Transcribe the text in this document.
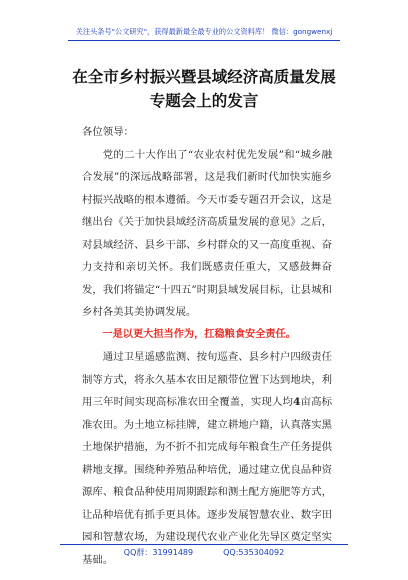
关注头条号"公文研究"，获得最新最全最专业的公文资料库！ 微信：gongwenxj
在全市乡村振兴暨县域经济高质量发展专题会上的发言

各位领导：

党的二十大作出了“农业农村优先发展”和“城乡融合发展”的深远战略部署，这是我们新时代加快实施乡村振兴战略的根本遵循。今天市委专题召开会议，这是继出台《关于加快县域经济高质量发展的意见》之后，对县域经济、县乡干部、乡村群众的又一高度重视、奋力支持和亲切关怀。我们既感责任重大，又感鼓舞奋发，我们将锚定“十四五”时期县域发展目标，让县城和乡村各美其美协调发展。

一是以更大担当作为，扛稳粮食安全责任。

通过卫星遥感监测、按旬巡查、县乡村户四级责任制等方式，将永久基本农田足额带位置下达到地块，利用三年时间实现高标准农田全覆盖，实现人均4亩高标准农田。为土地立标挂牌，建立耕地户籍，认真落实黑土地保护措施，为不折不扣完成每年粮食生产任务提供耕地支撑。围绕种养殖品种培优，通过建立优良品种资源库、粮食品种使用周期跟踪和测土配方施肥等方式，让品种培优有抓手更具体。逐步发展智慧农业、数字田园和智慧农场，为建设现代农业产业化先导区奠定坚实基础。

QQ群：31991489	QQ:535304092
